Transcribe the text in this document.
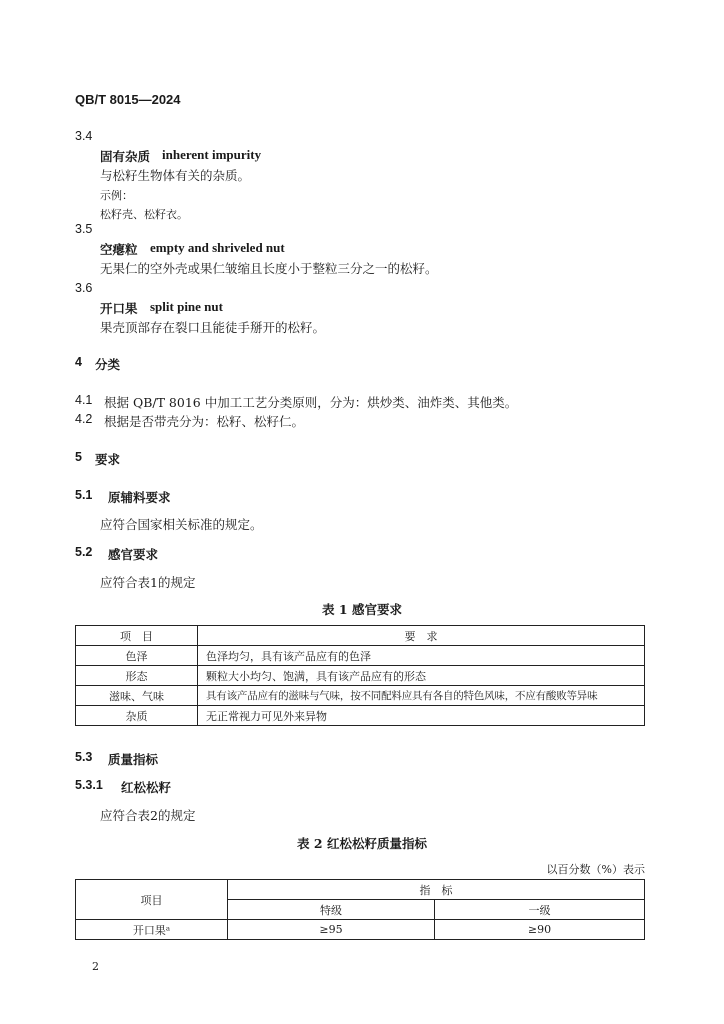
QB/T 8015—2024
3.4
固有杂质 inherent impurity
与松籽生物体有关的杂质。
示例：
松籽壳、松籽衣。
3.5
空瘪粒 empty and shriveled nut
无果仁的空外壳或果仁皱缩且长度小于整粒三分之一的松籽。
3.6
开口果 split pine nut
果壳顶部存在裂口且能徒手掰开的松籽。
4 分类
4.1 根据 QB/T 8016 中加工工艺分类原则，分为：烘炒类、油炸类、其他类。
4.2 根据是否带壳分为：松籽、松籽仁。
5 要求
5.1 原辅料要求
应符合国家相关标准的规定。
5.2 感官要求
应符合表1的规定
表 1 感官要求
项　目	要　求
色泽	色泽均匀，具有该产品应有的色泽
形态	颗粒大小均匀、饱满，具有该产品应有的形态
滋味、气味	具有该产品应有的滋味与气味，按不同配料应具有各自的特色风味，不应有酸败等异味
杂质	无正常视力可见外来异物
5.3 质量指标
5.3.1 红松松籽
应符合表2的规定
表 2 红松松籽质量指标
以百分数（%）表示
项目	指　标	
	特级	一级
开口果ᵃ	≥95	≥90
2
